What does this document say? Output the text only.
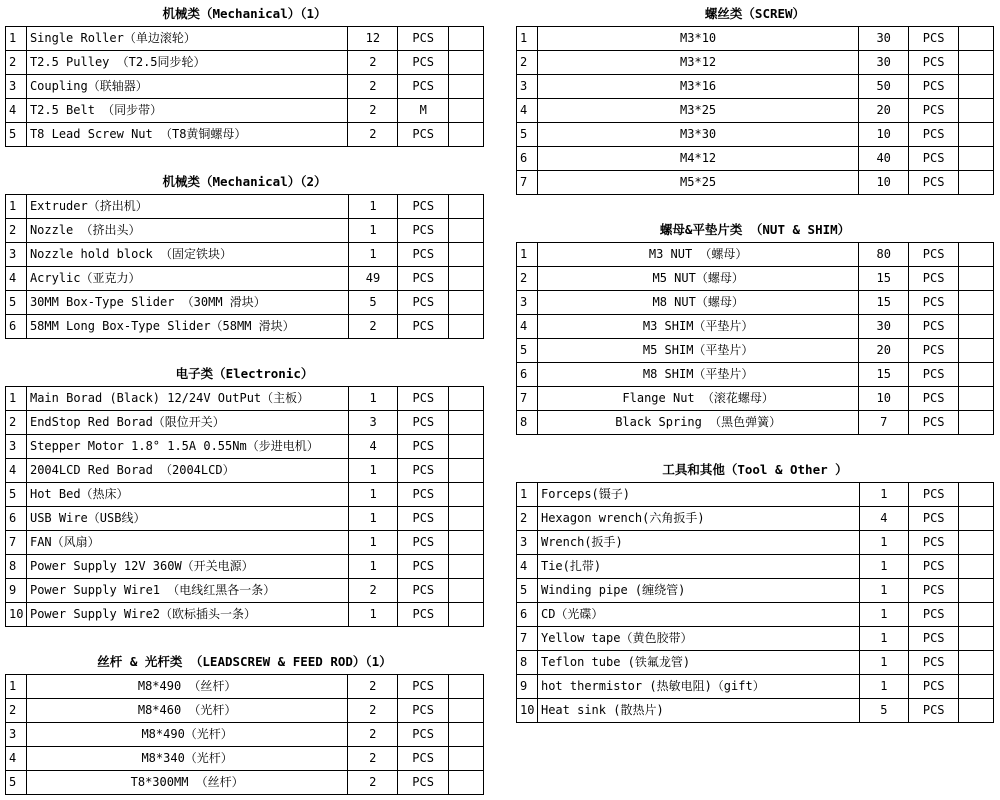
机械类（Mechanical）（1）
1	Single Roller（单边滚轮）	12	PCS	
2	T2.5 Pulley （T2.5同步轮）	2	PCS	
3	Coupling（联轴器）	2	PCS	
4	T2.5 Belt （同步带）	2	M	
5	T8 Lead Screw Nut （T8黄铜螺母）	2	PCS	
机械类（Mechanical）（2）
1	Extruder（挤出机）	1	PCS	
2	Nozzle （挤出头）	1	PCS	
3	Nozzle hold block （固定铁块）	1	PCS	
4	Acrylic（亚克力）	49	PCS	
5	30MM Box-Type Slider （30MM 滑块）	5	PCS	
6	58MM Long Box-Type Slider（58MM 滑块）	2	PCS	
电子类（Electronic）
1	Main Borad (Black) 12/24V OutPut（主板）	1	PCS	
2	EndStop Red Borad（限位开关）	3	PCS	
3	Stepper Motor 1.8° 1.5A 0.55Nm（步进电机）	4	PCS	
4	2004LCD Red Borad （2004LCD）	1	PCS	
5	Hot Bed（热床）	1	PCS	
6	USB Wire（USB线）	1	PCS	
7	FAN（风扇）	1	PCS	
8	Power Supply 12V 360W（开关电源）	1	PCS	
9	Power Supply Wire1 （电线红黑各一条）	2	PCS	
10	Power Supply Wire2（欧标插头一条）	1	PCS	
丝杆 & 光杆类 （LEADSCREW & FEED ROD）（1）
1	M8*490 （丝杆）	2	PCS	
2	M8*460 （光杆）	2	PCS	
3	M8*490（光杆）	2	PCS	
4	M8*340（光杆）	2	PCS	
5	T8*300MM （丝杆）	2	PCS	
螺丝类（SCREW）
1	M3*10	30	PCS	
2	M3*12	30	PCS	
3	M3*16	50	PCS	
4	M3*25	20	PCS	
5	M3*30	10	PCS	
6	M4*12	40	PCS	
7	M5*25	10	PCS	
螺母&平垫片类 （NUT & SHIM）
1	M3 NUT （螺母）	80	PCS	
2	M5 NUT（螺母）	15	PCS	
3	M8 NUT（螺母）	15	PCS	
4	M3 SHIM（平垫片）	30	PCS	
5	M5 SHIM（平垫片）	20	PCS	
6	M8 SHIM（平垫片）	15	PCS	
7	Flange Nut （滚花螺母）	10	PCS	
8	Black Spring （黑色弹簧）	7	PCS	
工具和其他（Tool & Other ）
1	Forceps(镊子)	1	PCS	
2	Hexagon wrench(六角扳手)	4	PCS	
3	Wrench(扳手)	1	PCS	
4	Tie(扎带)	1	PCS	
5	Winding pipe (缠绕管)	1	PCS	
6	CD（光碟）	1	PCS	
7	Yellow tape（黄色胶带）	1	PCS	
8	Teflon tube (铁氟龙管)	1	PCS	
9	hot thermistor (热敏电阻)（gift）	1	PCS	
10	Heat sink (散热片)	5	PCS	
